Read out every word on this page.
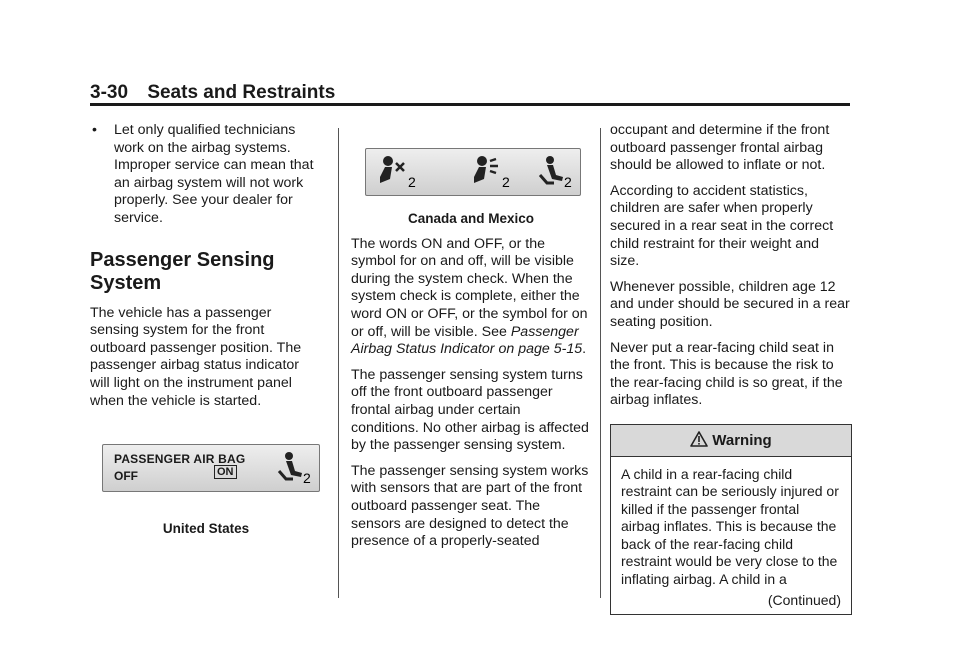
3-30 Seats and Restraints
• Let only qualified technicians work on the airbag systems. Improper service can mean that an airbag system will not work properly. See your dealer for service.
Passenger Sensing System

The vehicle has a passenger sensing system for the front outboard passenger position. The passenger airbag status indicator will light on the instrument panel when the vehicle is started.

PASSENGER AIR BAG
OFF	ON	2

United States

2	2	2

Canada and Mexico

The words ON and OFF, or the symbol for on and off, will be visible during the system check. When the system check is complete, either the word ON or OFF, or the symbol for on or off, will be visible. See Passenger Airbag Status Indicator on page 5-15.

The passenger sensing system turns off the front outboard passenger frontal airbag under certain conditions. No other airbag is affected by the passenger sensing system.

The passenger sensing system works with sensors that are part of the front outboard passenger seat. The sensors are designed to detect the presence of a properly-seated

occupant and determine if the front outboard passenger frontal airbag should be allowed to inflate or not.

According to accident statistics, children are safer when properly secured in a rear seat in the correct child restraint for their weight and size.

Whenever possible, children age 12 and under should be secured in a rear seating position.

Never put a rear-facing child seat in the front. This is because the risk to the rear-facing child is so great, if the airbag inflates.

Warning
A child in a rear-facing child restraint can be seriously injured or killed if the passenger frontal airbag inflates. This is because the back of the rear-facing child restraint would be very close to the inflating airbag. A child in a
(Continued)
